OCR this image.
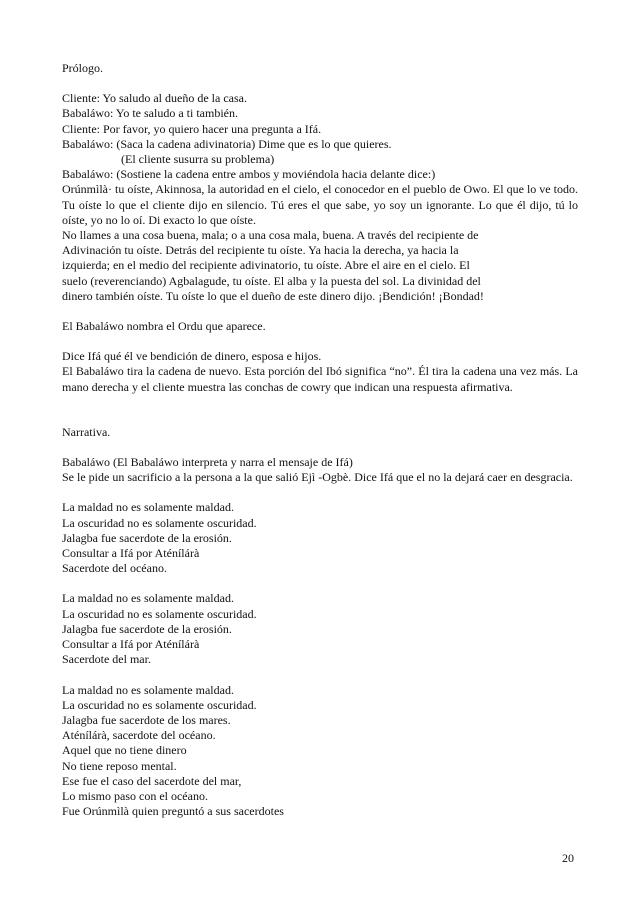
Prólogo.
Cliente: Yo saludo al dueño de la casa.
Babaláwo: Yo te saludo a ti también.
Cliente: Por favor, yo quiero hacer una pregunta a Ifá.
Babaláwo: (Saca la cadena adivinatoria) Dime que es lo que quieres.
(El cliente susurra su problema)
Babaláwo: (Sostiene la cadena entre ambos y moviéndola hacia delante dice:)
Orúnmìlà· tu oíste, Akinnosa, la autoridad en el cielo, el conocedor en el pueblo de Owo. El que lo ve todo. Tu oíste lo que el cliente dijo en silencio. Tú eres el que sabe, yo soy un ignorante. Lo que él dijo, tú lo oíste, yo no lo oí. Di exacto lo que oíste.
No llames a una cosa buena, mala; o a una cosa mala, buena. A través del recipiente de
Adivinación tu oíste. Detrás del recipiente tu oíste. Ya hacia la derecha, ya hacia la
izquierda; en el medio del recipiente adivinatorio, tu oíste. Abre el aire en el cielo. El
suelo (reverenciando) Agbalagude, tu oíste. El alba y la puesta del sol. La divinidad del
dinero también oíste. Tu oíste lo que el dueño de este dinero dijo. ¡Bendición! ¡Bondad!
El Babaláwo nombra el Ordu que aparece.
Dice Ifá qué él ve bendición de dinero, esposa e hijos.
El Babaláwo tira la cadena de nuevo. Esta porción del Ibó significa “no”. Él tira la cadena una vez más. La mano derecha y el cliente muestra las conchas de cowry que indican una respuesta afirmativa.
Narrativa.
Babaláwo (El Babaláwo interpreta y narra el mensaje de Ifá)
Se le pide un sacrificio a la persona a la que salió Ejì -Ogbè. Dice Ifá que el no la dejará caer en desgracia.
La maldad no es solamente maldad.
La oscuridad no es solamente oscuridad.
Jalagba fue sacerdote de la erosión.
Consultar a Ifá por Aténílárà
Sacerdote del océano.
La maldad no es solamente maldad.
La oscuridad no es solamente oscuridad.
Jalagba fue sacerdote de la erosión.
Consultar a Ifá por Aténílárà
Sacerdote del mar.
La maldad no es solamente maldad.
La oscuridad no es solamente oscuridad.
Jalagba fue sacerdote de los mares.
Aténílárà, sacerdote del océano.
Aquel que no tiene dinero
No tiene reposo mental.
Ese fue el caso del sacerdote del mar,
Lo mismo paso con el océano.
Fue Orúnmìlà quien preguntó a sus sacerdotes
20
